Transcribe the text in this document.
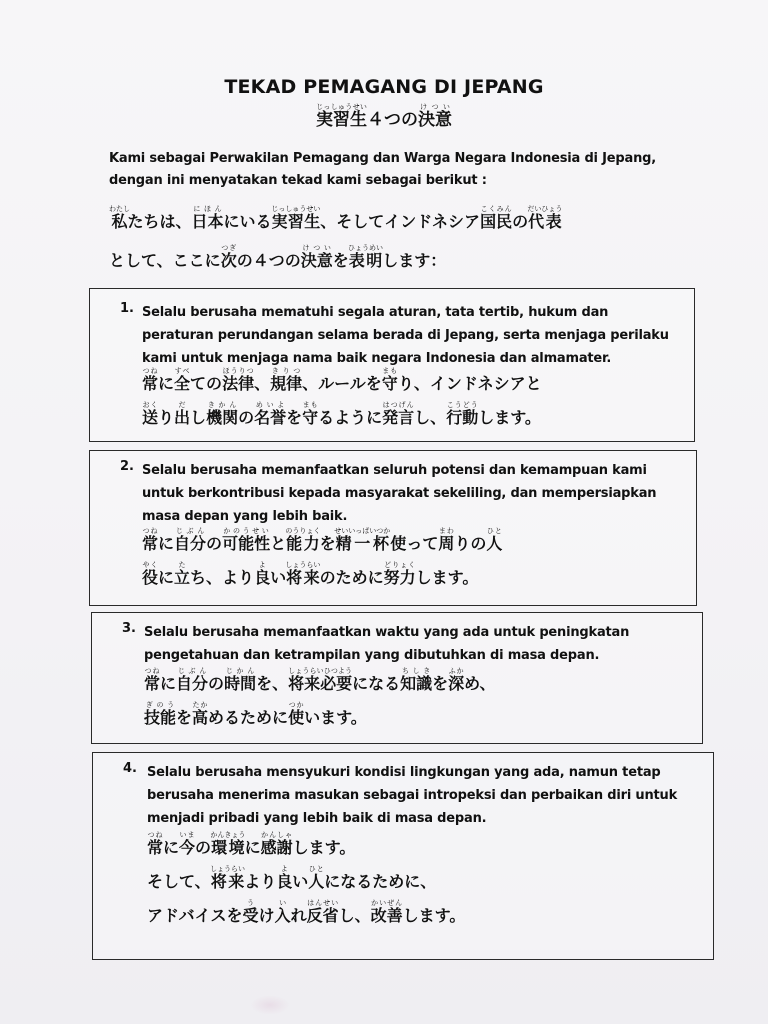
TEKAD PEMAGANG DI JEPANG
実習生じっしゅうせい４つの決意けつい
Kami sebagai Perwakilan Pemagang dan Warga Negara Indonesia di Jepang,
dengan ini menyatakan tekad kami sebagai berikut :
私わたしたちは、日本にほんにいる実習生じっしゅうせい、そしてインドネシア国民こくみんの代表だいひょう
として、ここに次つぎの４つの決意けついを表明ひょうめいします：
1. Selalu berusaha mematuhi segala aturan, tata tertib, hukum dan
peraturan perundangan selama berada di Jepang, serta menjaga perilaku
kami untuk menjaga nama baik negara Indonesia dan almamater.
常つねに全すべての法律ほうりつ、規律きりつ、ルールを守まもり、インドネシアと
送おくり出だし機関きかんの名誉めいよを守まもるように発言はつげんし、行動こうどうします。
2. Selalu berusaha memanfaatkan seluruh potensi dan kemampuan kami
untuk berkontribusi kepada masyarakat sekeliling, dan mempersiapkan
masa depan yang lebih baik.
常つねに自分じぶんの可能性かのうせいと能力のうりょくを精一杯せいいっぱいつか使って周まわりの人ひと
役やくに立たち、より良よい将来しょうらいのために努力どりょくします。
3. Selalu berusaha memanfaatkan waktu yang ada untuk peningkatan
pengetahuan dan ketrampilan yang dibutuhkan di masa depan.
常つねに自分じぶんの時間じかんを、将来必要しょうらいひつようになる知識ちしきを深ふかめ、
技能ぎのうを高たかめるために使つかいます。
4. Selalu berusaha mensyukuri kondisi lingkungan yang ada, namun tetap
berusaha menerima masukan sebagai intropeksi dan perbaikan diri untuk
menjadi pribadi yang lebih baik di masa depan.
常つねに今いまの環境かんきょうに感謝かんしゃします。
そして、将来しょうらいより良よい人ひとになるために、
アドバイスを受うけ入いれ反省はんせいし、改善かいぜんします。
